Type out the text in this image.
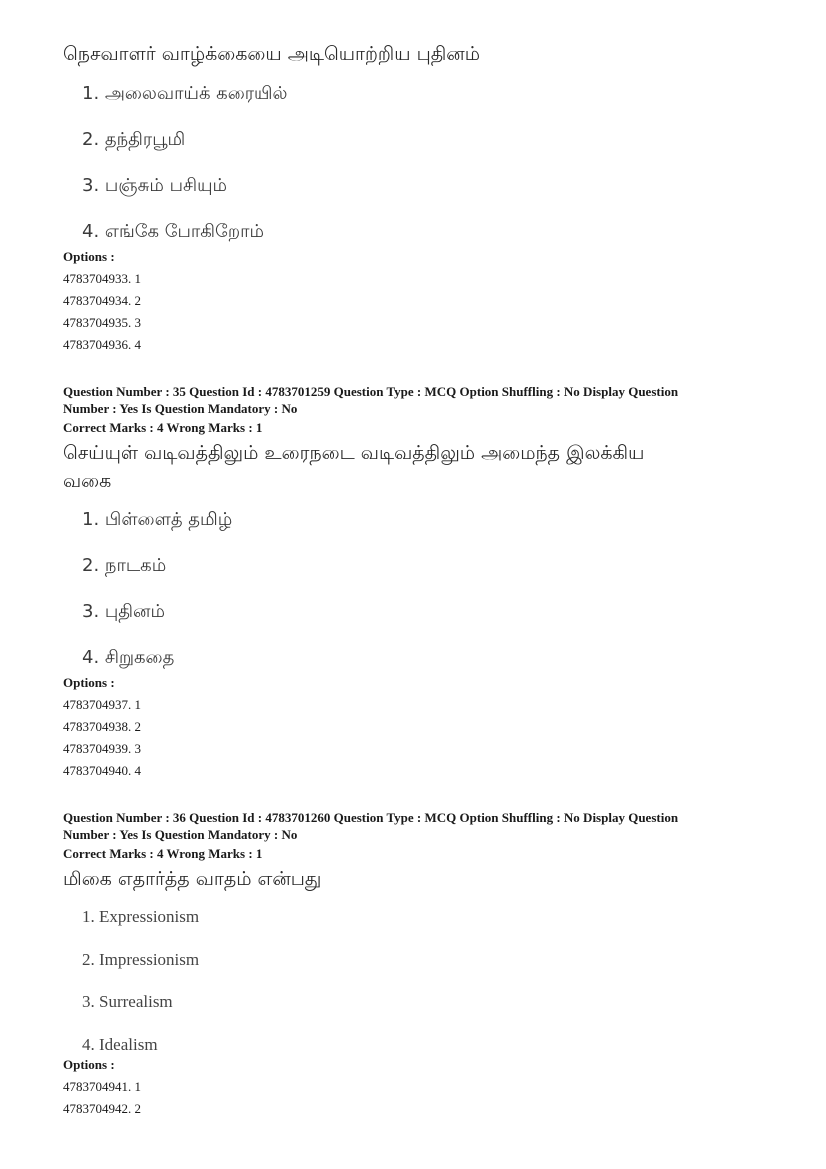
நெசவாளர் வாழ்க்கையை அடியொற்றிய புதினம்

1. அலைவாய்க் கரையில்
2. தந்திரபூமி
3. பஞ்சும் பசியும்
4. எங்கே போகிறோம்
Options :
4783704933. 1
4783704934. 2
4783704935. 3
4783704936. 4
Question Number : 35 Question Id : 4783701259 Question Type : MCQ Option Shuffling : No Display Question
Number : Yes Is Question Mandatory : No
Correct Marks : 4 Wrong Marks : 1
செய்யுள் வடிவத்திலும் உரைநடை வடிவத்திலும் அமைந்த இலக்கிய
வகை
1. பிள்ளைத் தமிழ்
2. நாடகம்
3. புதினம்
4. சிறுகதை
Options :
4783704937. 1
4783704938. 2
4783704939. 3
4783704940. 4
Question Number : 36 Question Id : 4783701260 Question Type : MCQ Option Shuffling : No Display Question
Number : Yes Is Question Mandatory : No
Correct Marks : 4 Wrong Marks : 1

மிகை எதார்த்த வாதம் என்பது

1. Expressionism
2. Impressionism
3. Surrealism
4. Idealism
Options :
4783704941. 1
4783704942. 2
